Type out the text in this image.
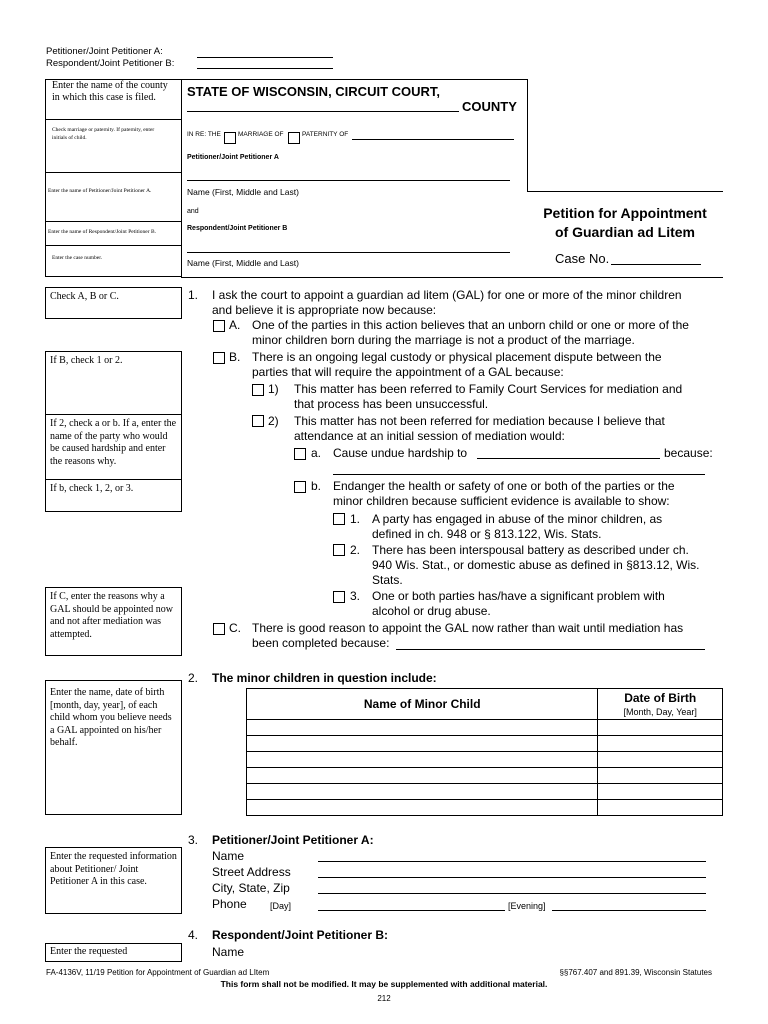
Petitioner/Joint Petitioner A:
Respondent/Joint Petitioner B:
STATE OF WISCONSIN, CIRCUIT COURT,
COUNTY
IN RE: THE	MARRIAGE OF	PATERNITY OF
Petitioner/Joint Petitioner A
Name (First, Middle and Last)
and
Respondent/Joint Petitioner B
Name (First, Middle and Last)
Petition for Appointment
of Guardian ad Litem
Case No.
Enter the name of the county in which this case is filed.
Check marriage or paternity. If paternity, enter initials of child.
Enter the name of Petitioner/Joint Petitioner A.
Enter the name of Respondent/Joint Petitioner B.
Enter the case number.
Check A, B or C.
If B, check 1 or 2.
If 2, check a or b. If a, enter the name of the party who would be caused hardship and enter the reasons why.
If b, check 1, 2, or 3.
If C, enter the reasons why a GAL should be appointed now and not after mediation was attempted.
Enter the name, date of birth [month, day, year], of each child whom you believe needs a GAL appointed on his/her behalf.
Enter the requested information about Petitioner/ Joint Petitioner A in this case.
Enter the requested
1. I ask the court to appoint a guardian ad litem (GAL) for one or more of the minor children
and believe it is appropriate now because:
A. One of the parties in this action believes that an unborn child or one or more of the
minor children born during the marriage is not a product of the marriage.
B. There is an ongoing legal custody or physical placement dispute between the
parties that will require the appointment of a GAL because:
1) This matter has been referred to Family Court Services for mediation and
that process has been unsuccessful.
2) This matter has not been referred for mediation because I believe that
attendance at an initial session of mediation would:
a. Cause undue hardship to	because:
b. Endanger the health or safety of one or both of the parties or the
minor children because sufficient evidence is available to show:
1. A party has engaged in abuse of the minor children, as
defined in ch. 948 or § 813.122, Wis. Stats.
2. There has been interspousal battery as described under ch.
940 Wis. Stat., or domestic abuse as defined in §813.12, Wis.
Stats.
3. One or both parties has/have a significant problem with
alcohol or drug abuse.
C. There is good reason to appoint the GAL now rather than wait until mediation has
been completed because:
2. The minor children in question include:
Name of Minor Child	Date of Birth
[Month, Day, Year]

3. Petitioner/Joint Petitioner A:
Name
Street Address
City, State, Zip
Phone	[Day]	[Evening]
4. Respondent/Joint Petitioner B:
Name
FA-4136V, 11/19 Petition for Appointment of Guardian ad LItem	§§767.407 and 891.39, Wisconsin Statutes
This form shall not be modified. It may be supplemented with additional material.
212
